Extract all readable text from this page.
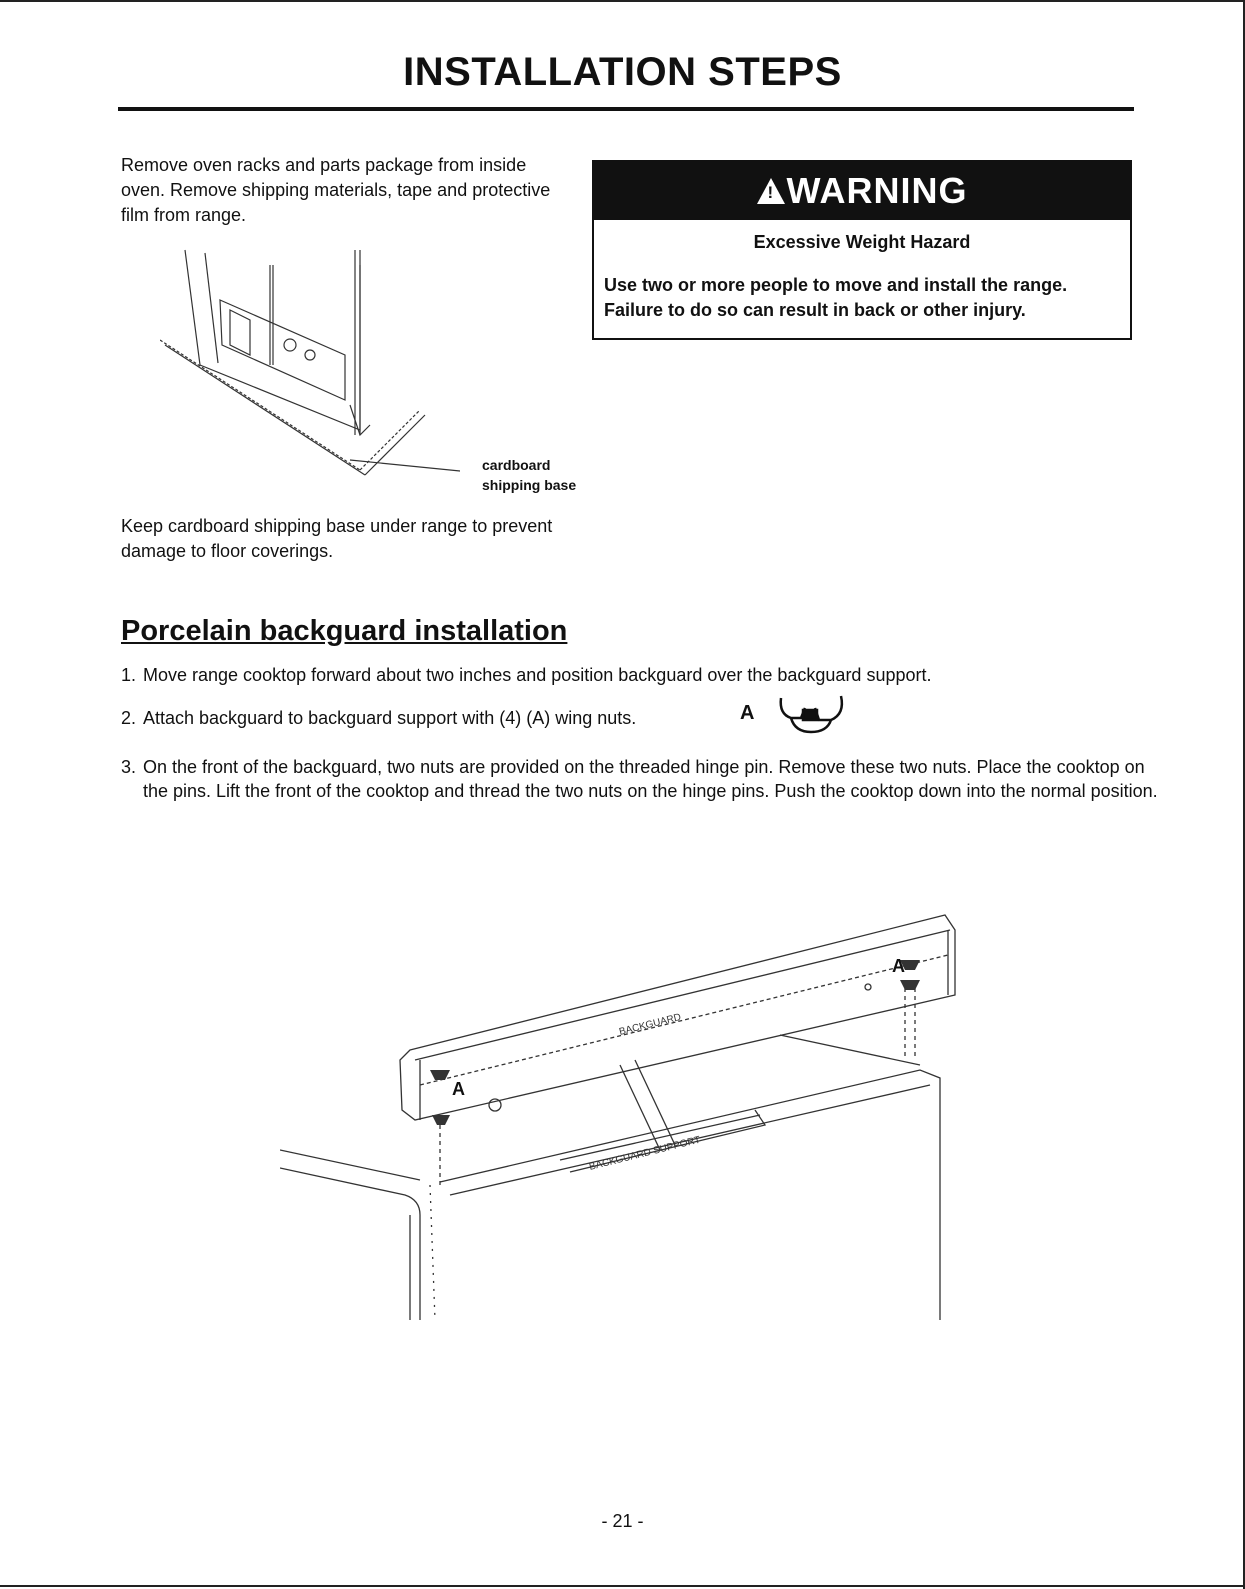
INSTALLATION STEPS
Remove oven racks and parts package from inside oven. Remove shipping materials, tape and protective film from range.
!
WARNING
Excessive Weight Hazard
Use two or more people to move and install the range.
Failure to do so can result in back or other injury.
cardboard
shipping base
Keep cardboard shipping base under range to prevent damage to floor coverings.
Porcelain backguard installation
1. Move range cooktop forward about two inches and position backguard over the backguard support.
2. Attach backguard to backguard support with (4) (A) wing nuts.
3. On the front of the backguard, two nuts are provided on the threaded hinge pin. Remove these two nuts. Place the cooktop on the pins. Lift the front of the cooktop and thread the two nuts on the hinge pins. Push the cooktop down into the normal position.
A
BACKGUARD
BACKGUARD SUPPORT
A
A
- 21 -
